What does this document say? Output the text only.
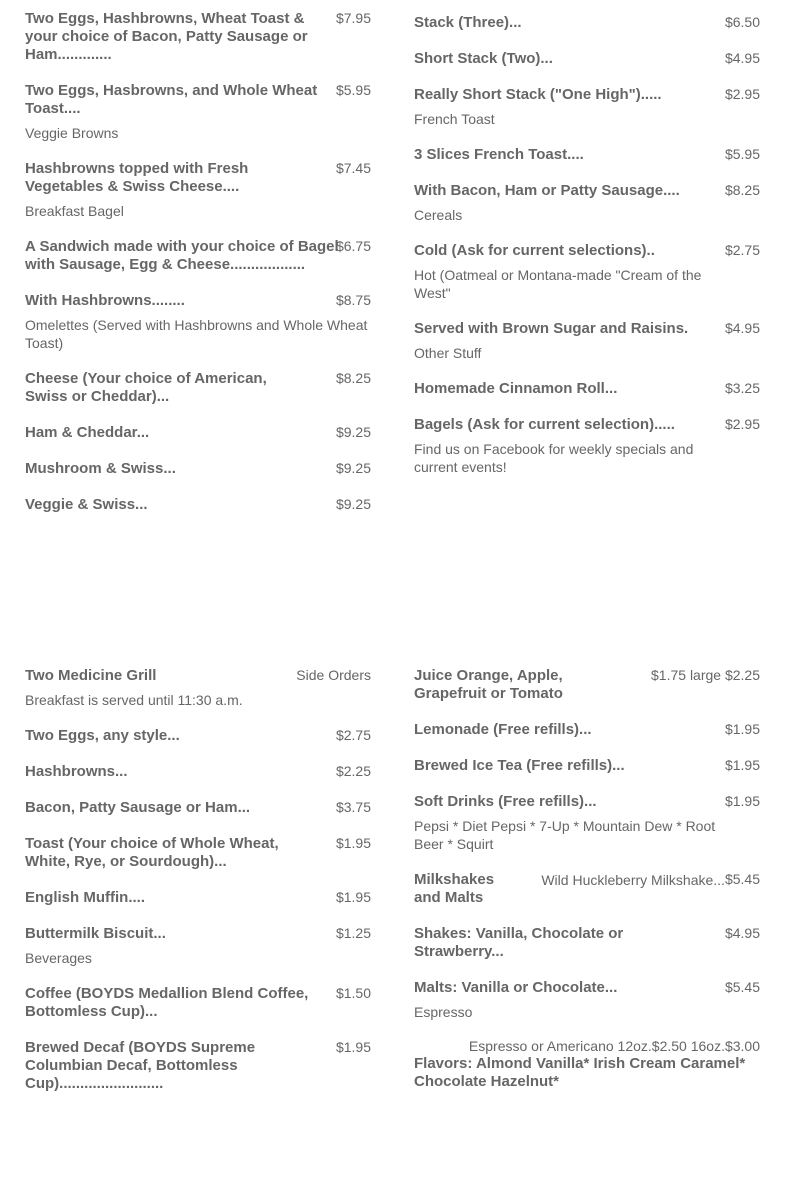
Two Eggs, Hashbrowns, Wheat Toast & your choice of Bacon, Patty Sausage or Ham.............
$7.95
Two Eggs, Hasbrowns, and Whole Wheat Toast....
$5.95
Veggie Browns
Hashbrowns topped with Fresh Vegetables & Swiss Cheese....
$7.45
Breakfast Bagel
A Sandwich made with your choice of Bagel with Sausage, Egg & Cheese..................
$6.75
With Hashbrowns........	$8.75
Omelettes (Served with Hashbrowns and Whole Wheat Toast)
Cheese (Your choice of American, Swiss or Cheddar)...
$8.25
Ham & Cheddar...	$9.25
Mushroom & Swiss...	$9.25
Veggie & Swiss...	$9.25
Stack (Three)...	$6.50
Short Stack (Two)...	$4.95
Really Short Stack ("One High").....	$2.95
French Toast
3 Slices French Toast....	$5.95
With Bacon, Ham or Patty Sausage....	$8.25
Cereals
Cold (Ask for current selections)..	$2.75
Hot (Oatmeal or Montana-made "Cream of the West"
Served with Brown Sugar and Raisins.	$4.95
Other Stuff
Homemade Cinnamon Roll...	$3.25
Bagels (Ask for current selection).....	$2.95
Find us on Facebook for weekly specials and current events!
Two Medicine Grill	Side Orders
Breakfast is served until 11:30 a.m.
Two Eggs, any style...	$2.75
Hashbrowns...	$2.25
Bacon, Patty Sausage or Ham...	$3.75
Toast (Your choice of Whole Wheat, White, Rye, or Sourdough)...
$1.95
English Muffin....	$1.95
Buttermilk Biscuit...	$1.25
Beverages
Coffee (BOYDS Medallion Blend Coffee, Bottomless Cup)...
$1.50
Brewed Decaf (BOYDS Supreme Columbian Decaf, Bottomless Cup).........................
$1.95
Juice Orange, Apple, Grapefruit or Tomato
$1.75 large $2.25
Lemonade (Free refills)...	$1.95
Brewed Ice Tea (Free refills)...	$1.95
Soft Drinks (Free refills)...	$1.95
Pepsi * Diet Pepsi * 7-Up * Mountain Dew * Root Beer * Squirt
Milkshakes and Malts
Wild Huckleberry Milkshake... $5.45
Shakes: Vanilla, Chocolate or Strawberry...
$4.95
Malts: Vanilla or Chocolate...	$5.45
Espresso
Espresso or Americano 12oz.$2.50 16oz.$3.00
Flavors: Almond Vanilla* Irish Cream Caramel* Chocolate Hazelnut*
